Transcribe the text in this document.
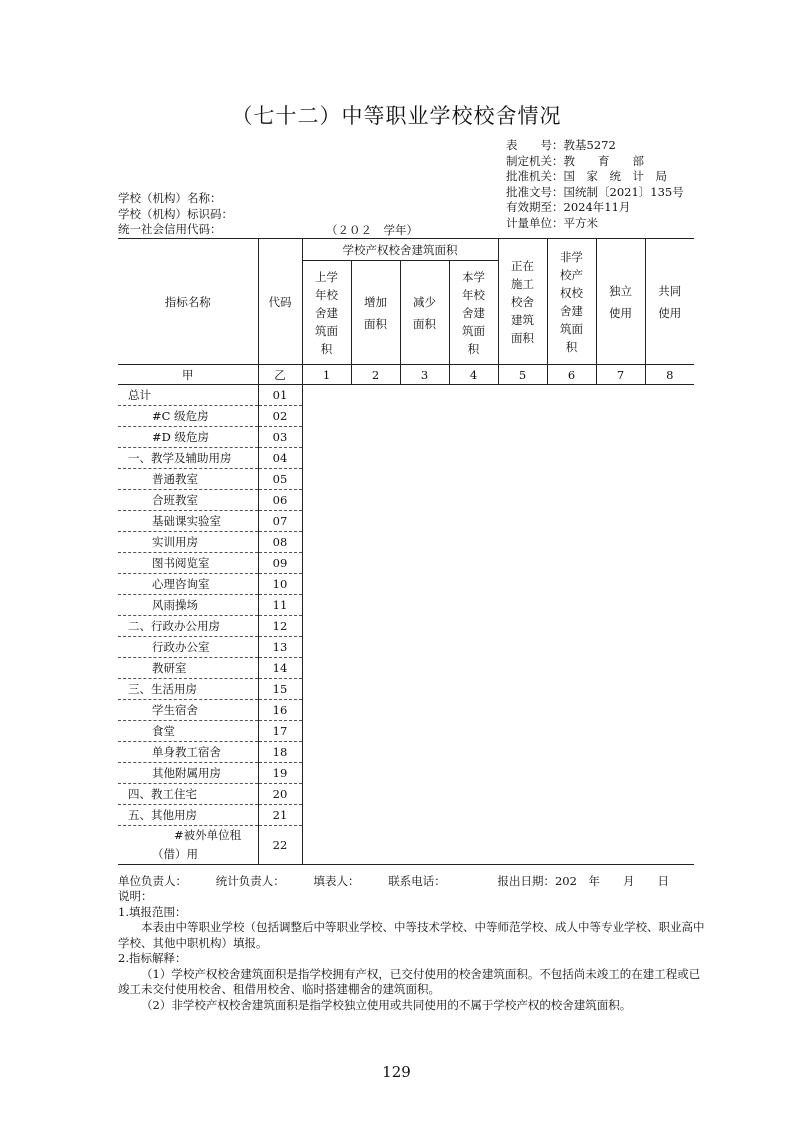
（七十二）中等职业学校校舍情况
表　　号：教基5272
制定机关：教　　育　　部
批准机关：国　家　统　计　局
批准文号：国统制〔2021〕135号
有效期至：2024年11月
计量单位：平方米
学校（机构）名称：
学校（机构）标识码：
统一社会信用代码：	（２０２　学年）
指标名称	代码	学校产权校舍建筑面积				正在施工校舍建筑面积	非学校产权校舍建筑面积	独立使用	共同使用
		上学年校舍建筑面积	增加面积	减少面积	本学年校舍建筑面积				
甲	乙	1	2	3	4	5	6	7	8
总计	01								
#C 级危房	02								
#D 级危房	03								
一、教学及辅助用房	04								
普通教室	05								
合班教室	06								
基础课实验室	07								
实训用房	08								
图书阅览室	09								
心理咨询室	10								
风雨操场	11								
二、行政办公用房	12								
行政办公室	13								
教研室	14								
三、生活用房	15								
学生宿舍	16								
食堂	17								
单身教工宿舍	18								
其他附属用房	19								
四、教工住宅	20								
五、其他用房	21								
#被外单位租（借）用	22								
单位负责人：　　　统计负责人：　　　填表人：　　　联系电话：　　　　　报出日期：202　年　　月　　日

说明：

1.填报范围：

本表由中等职业学校（包括调整后中等职业学校、中等技术学校、中等师范学校、成人中等专业学校、职业高中学校、其他中职机构）填报。

2.指标解释：

（1）学校产权校舍建筑面积是指学校拥有产权，已交付使用的校舍建筑面积。不包括尚未竣工的在建工程或已竣工未交付使用校舍、租借用校舍、临时搭建棚舍的建筑面积。

（2）非学校产权校舍建筑面积是指学校独立使用或共同使用的不属于学校产权的校舍建筑面积。

129
